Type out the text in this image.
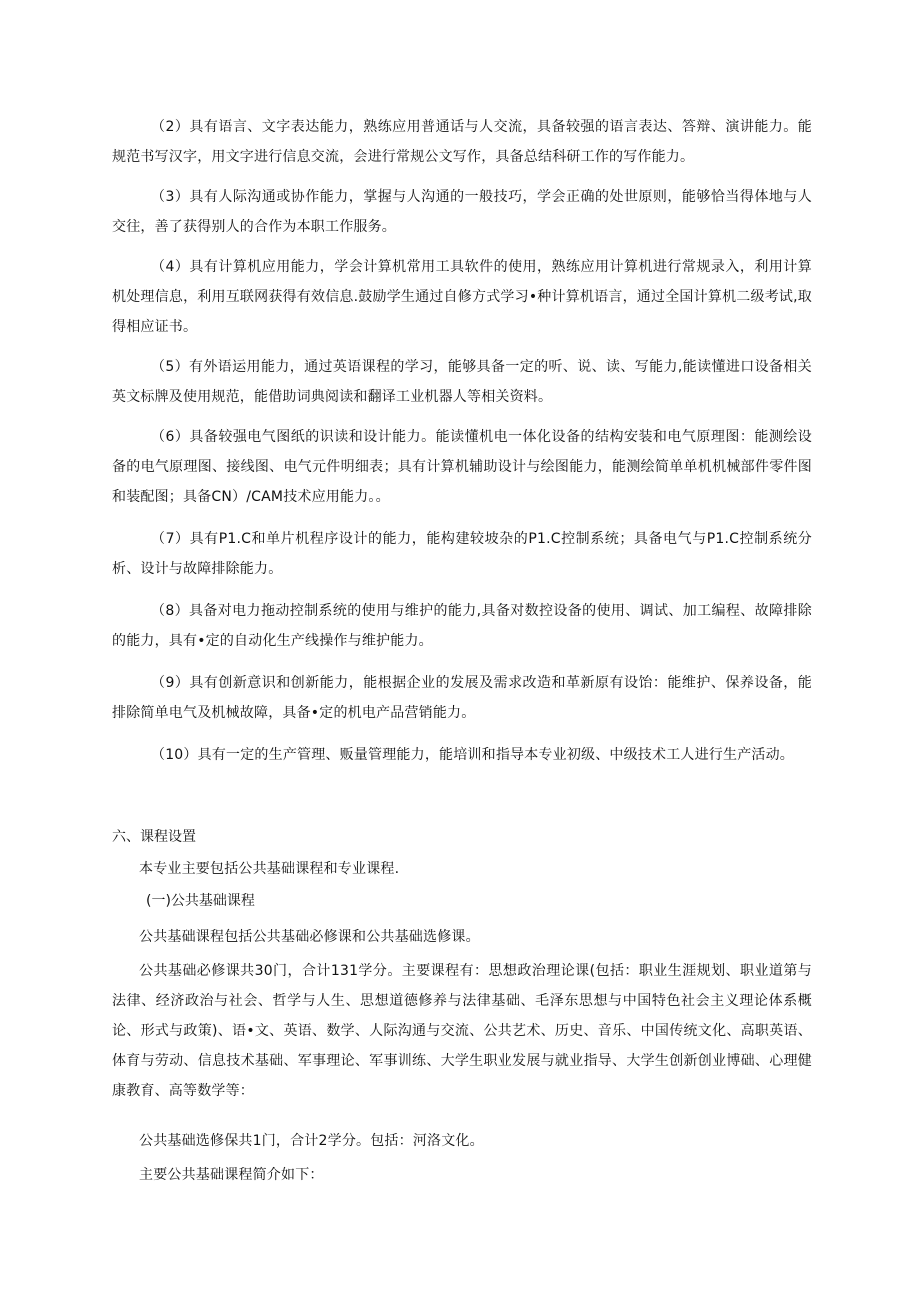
（2）具有语言、文字表达能力，熟练应用普通话与人交流，具备较强的语言表达、答辩、演讲能力。能规范书写汉字，用文字进行信息交流，会进行常规公文写作，具备总结科研工作的写作能力。

（3）具有人际沟通或协作能力，掌握与人沟通的一般技巧，学会正确的处世原则，能够恰当得体地与人交往，善了获得别人的合作为本职工作服务。

（4）具有计算机应用能力，学会计算机常用工具软件的使用，熟练应用计算机进行常规录入，利用计算机处理信息，利用互联网获得有效信息.鼓励学生通过自修方式学习•种计算机语言，通过全国计算机二级考试,取得相应证书。

（5）有外语运用能力，通过英语课程的学习，能够具备一定的听、说、读、写能力,能读懂进口设备相关英文标牌及使用规范，能借助词典阅读和翻译工业机器人等相关资料。

（6）具备较强电气图纸的识读和设计能力。能读懂机电一体化设备的结构安装和电气原理图：能测绘设备的电气原理图、接线图、电气元件明细表；具有计算机辅助设计与绘图能力，能测绘简单单机机械部件零件图和装配图；具备CN）/CAM技术应用能力。。

（7）具有P1.C和单片机程序设计的能力，能构建较坡杂的P1.C控制系统；具备电气与P1.C控制系统分析、设计与故障排除能力。

（8）具备对电力拖动控制系统的使用与维护的能力,具备对数控设备的使用、调试、加工编程、故障排除的能力，具有•定的自动化生产线操作与维护能力。

（9）具有创新意识和创新能力，能根据企业的发展及需求改造和革新原有设饴：能维护、保养设备，能排除简单电气及机械故障，具备•定的机电产品营销能力。

（10）具有一定的生产管理、贩量管理能力，能培训和指导本专业初级、中级技术工人进行生产活动。

六、课程设置

本专业主要包括公共基础课程和专业课程.

(一)公共基础课程

公共基础课程包括公共基础必修课和公共基础选修课。

公共基础必修课共30门，合计131学分。主要课程有：思想政治理论课(包括：职业生涯规划、职业道第与法律、经济政治与社会、哲学与人生、思想道德修养与法律基础、毛泽东思想与中国特色社会主义理论体系概论、形式与政策)、语•文、英语、数学、人际沟通与交流、公共艺术、历史、音乐、中国传统文化、高职英语、体育与劳动、信息技术基础、军事理论、军事训练、大学生职业发展与就业指导、大学生创新创业博础、心理健康教育、高等数学等：

公共基础选修保共1门，合计2学分。包括：河洛文化。

主要公共基础课程简介如下：
